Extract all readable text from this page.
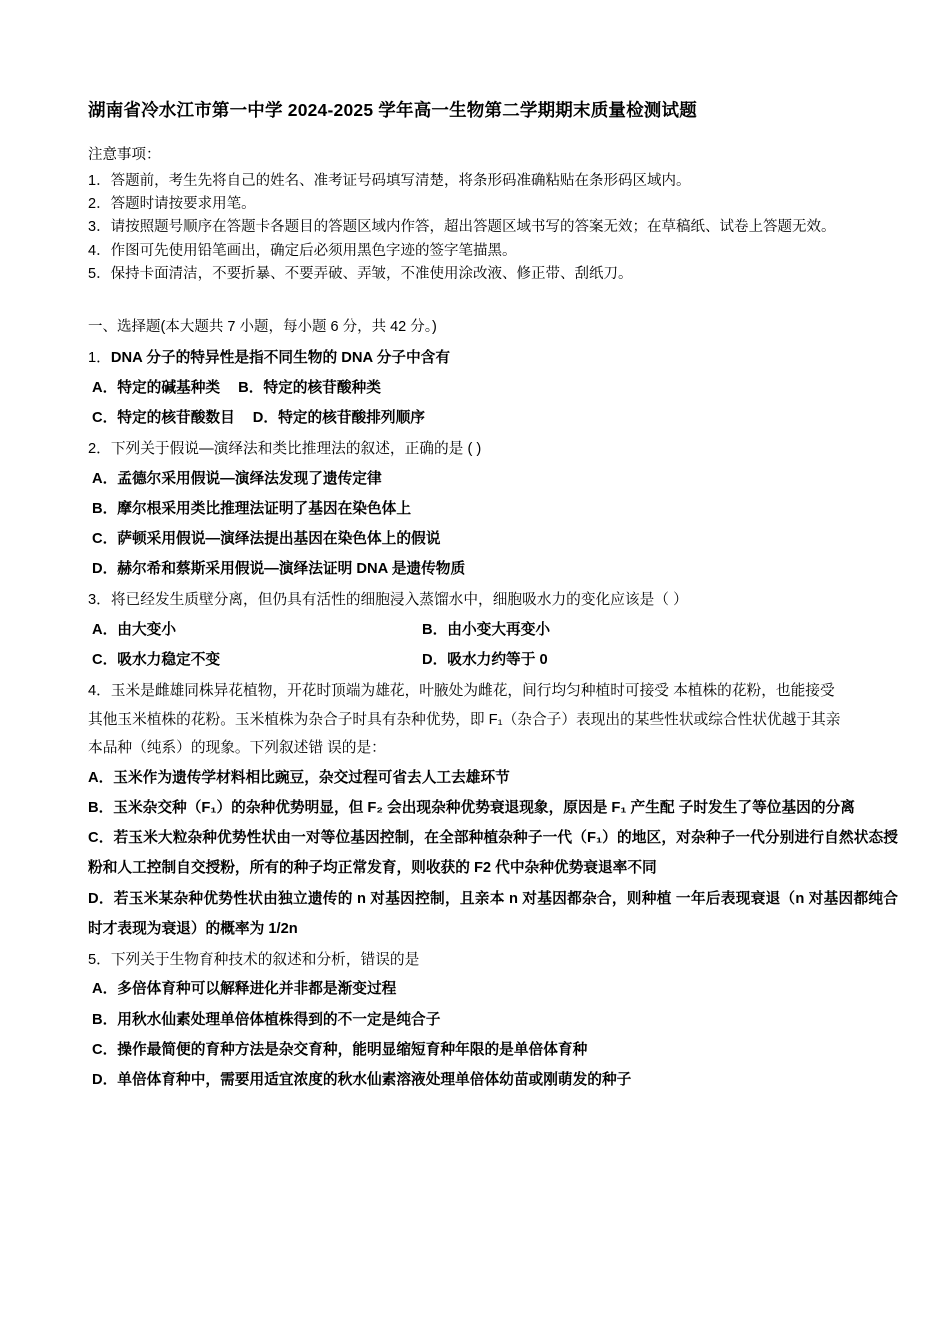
湖南省冷水江市第一中学 2024-2025 学年高一生物第二学期期末质量检测试题
注意事项：
1．答题前，考生先将自己的姓名、准考证号码填写清楚，将条形码准确粘贴在条形码区域内。
2．答题时请按要求用笔。
3．请按照题号顺序在答题卡各题目的答题区域内作答，超出答题区域书写的答案无效；在草稿纸、试卷上答题无效。
4．作图可先使用铅笔画出，确定后必须用黑色字迹的签字笔描黑。
5．保持卡面清洁，不要折暴、不要弄破、弄皱，不准使用涂改液、修正带、刮纸刀。
一、选择题(本大题共 7 小题，每小题 6 分，共 42 分。)

1．DNA 分子的特异性是指不同生物的 DNA 分子中含有

A．特定的碱基种类 B．特定的核苷酸种类
C．特定的核苷酸数目 D．特定的核苷酸排列顺序

2．下列关于假说—演绎法和类比推理法的叙述，正确的是 ( )

A．孟德尔采用假说—演绎法发现了遗传定律
B．摩尔根采用类比推理法证明了基因在染色体上
C．萨顿采用假说—演绎法提出基因在染色体上的假说
D．赫尔希和蔡斯采用假说—演绎法证明 DNA 是遗传物质

3．将已经发生质壁分离，但仍具有活性的细胞浸入蒸馏水中，细胞吸水力的变化应该是（ ）

A．由大变小	B．由小变大再变小
C．吸水力稳定不变	D．吸水力约等于 0

4．玉米是雌雄同株异花植物，开花时顶端为雄花，叶腋处为雌花，间行均匀种植时可接受 本植株的花粉，也能接受

其他玉米植株的花粉。玉米植株为杂合子时具有杂种优势，即 F₁（杂合子）表现出的某些性状或综合性状优越于其亲

本品种（纯系）的现象。下列叙述错 误的是：

A．玉米作为遗传学材料相比豌豆，杂交过程可省去人工去雄环节
B．玉米杂交种（F₁）的杂种优势明显，但 F₂ 会出现杂种优势衰退现象，原因是 F₁ 产生配 子时发生了等位基因的分离
C．若玉米大粒杂种优势性状由一对等位基因控制，在全部种植杂种子一代（F₁）的地区，对杂种子一代分别进行自然状态授粉和人工控制自交授粉，所有的种子均正常发育，则收获的 F2 代中杂种优势衰退率不同
D．若玉米某杂种优势性状由独立遗传的 n 对基因控制，且亲本 n 对基因都杂合，则种植 一年后表现衰退（n 对基因都纯合时才表现为衰退）的概率为 1/2n

5．下列关于生物育种技术的叙述和分析，错误的是

A．多倍体育种可以解释进化并非都是渐变过程
B．用秋水仙素处理单倍体植株得到的不一定是纯合子
C．操作最简便的育种方法是杂交育种，能明显缩短育种年限的是单倍体育种
D．单倍体育种中，需要用适宜浓度的秋水仙素溶液处理单倍体幼苗或刚萌发的种子
